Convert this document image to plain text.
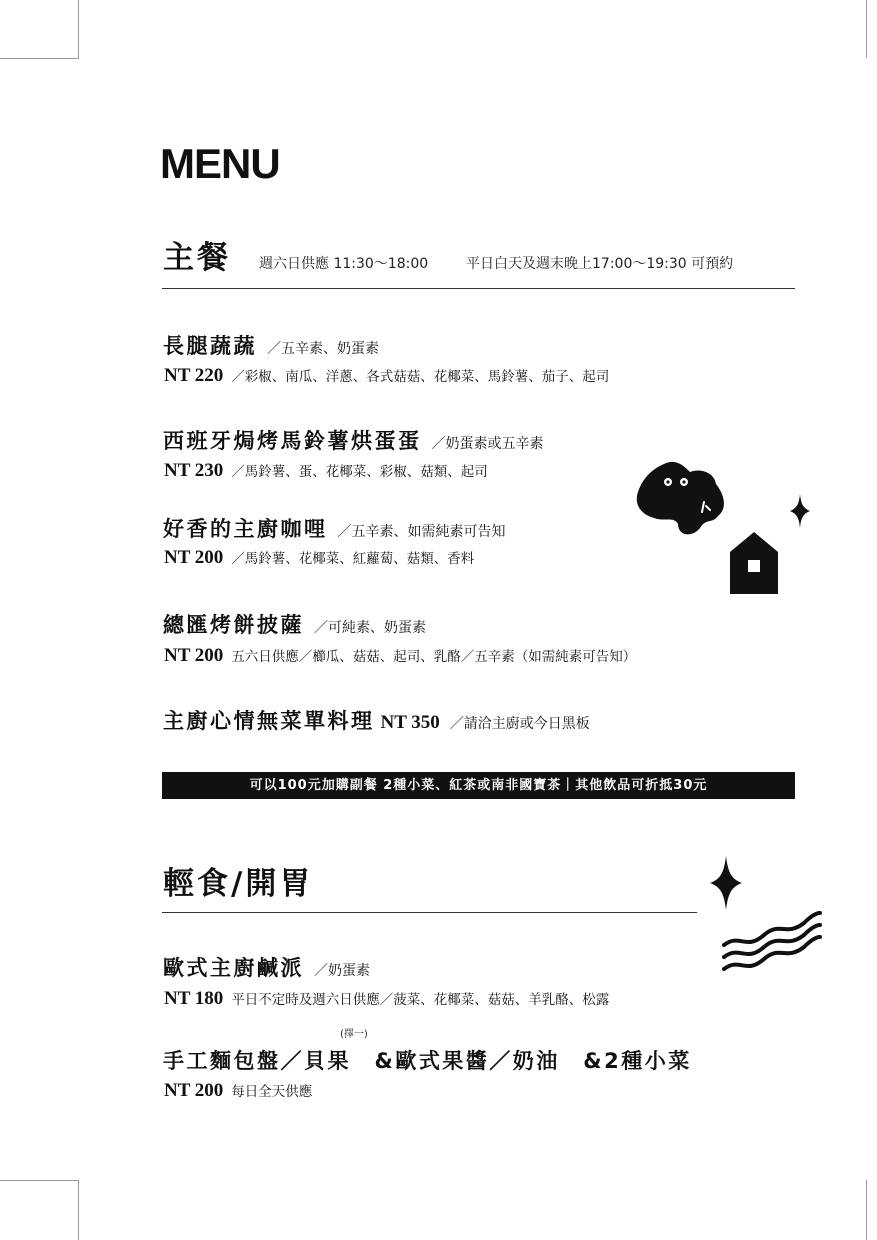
MENU
主餐 週六日供應 11:30～18:00	平日白天及週末晚上17:00～19:30 可預約
長腿蔬蔬 ／五辛素、奶蛋素
NT 220 ／彩椒、南瓜、洋蔥、各式菇菇、花椰菜、馬鈴薯、茄子、起司
西班牙焗烤馬鈴薯烘蛋蛋 ／奶蛋素或五辛素
NT 230 ／馬鈴薯、蛋、花椰菜、彩椒、菇類、起司
好香的主廚咖哩 ／五辛素、如需純素可告知
NT 200 ／馬鈴薯、花椰菜、紅蘿蔔、菇類、香料
總匯烤餅披薩 ／可純素、奶蛋素
NT 200 五六日供應／櫛瓜、菇菇、起司、乳酪／五辛素（如需純素可告知）
主廚心情無菜單料理 NT 350 ／請洽主廚或今日黑板
可以100元加購副餐 2種小菜、紅茶或南非國寶茶｜其他飲品可折抵30元
輕食/開胃
歐式主廚鹹派 ／奶蛋素
NT 180 平日不定時及週六日供應／菠菜、花椰菜、菇菇、羊乳酪、松露
(擇一)
手工麵包盤／貝果　&歐式果醬／奶油　&2種小菜
NT 200 每日全天供應
